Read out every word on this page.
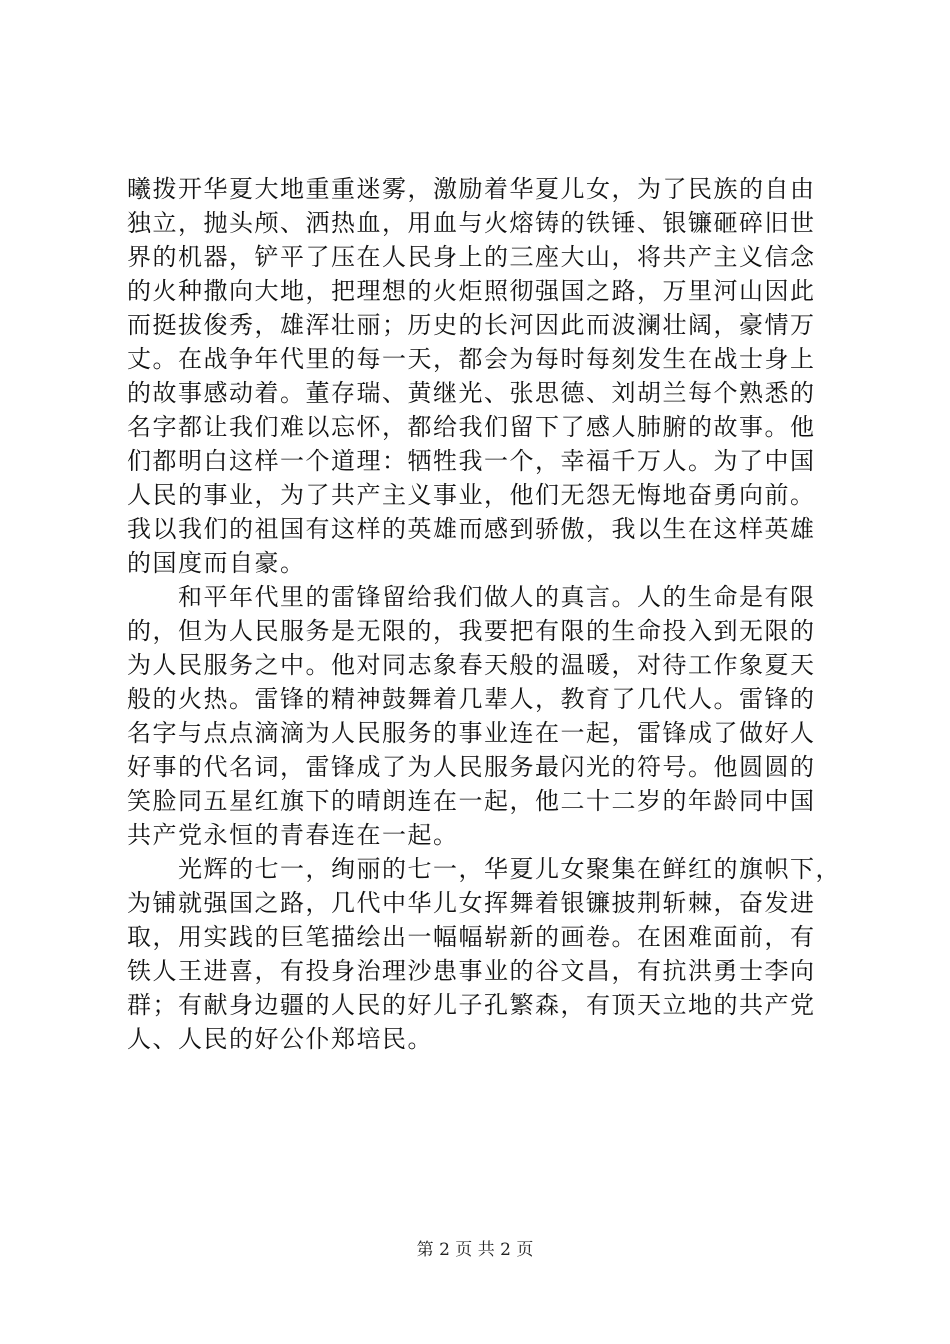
曦拨开华夏大地重重迷雾，激励着华夏儿女，为了民族的自由
独立，抛头颅、洒热血，用血与火熔铸的铁锤、银镰砸碎旧世
界的机器，铲平了压在人民身上的三座大山，将共产主义信念
的火种撒向大地，把理想的火炬照彻强国之路，万里河山因此
而挺拔俊秀，雄浑壮丽；历史的长河因此而波澜壮阔，豪情万
丈。在战争年代里的每一天，都会为每时每刻发生在战士身上
的故事感动着。董存瑞、黄继光、张思德、刘胡兰每个熟悉的
名字都让我们难以忘怀，都给我们留下了感人肺腑的故事。他
们都明白这样一个道理：牺牲我一个，幸福千万人。为了中国
人民的事业，为了共产主义事业，他们无怨无悔地奋勇向前。
我以我们的祖国有这样的英雄而感到骄傲，我以生在这样英雄
的国度而自豪。
　　和平年代里的雷锋留给我们做人的真言。人的生命是有限
的，但为人民服务是无限的，我要把有限的生命投入到无限的
为人民服务之中。他对同志象春天般的温暖，对待工作象夏天
般的火热。雷锋的精神鼓舞着几辈人，教育了几代人。雷锋的
名字与点点滴滴为人民服务的事业连在一起，雷锋成了做好人
好事的代名词，雷锋成了为人民服务最闪光的符号。他圆圆的
笑脸同五星红旗下的晴朗连在一起，他二十二岁的年龄同中国
共产党永恒的青春连在一起。
　　光辉的七一，绚丽的七一，华夏儿女聚集在鲜红的旗帜下，
为铺就强国之路，几代中华儿女挥舞着银镰披荆斩棘，奋发进
取，用实践的巨笔描绘出一幅幅崭新的画卷。在困难面前，有
铁人王进喜，有投身治理沙患事业的谷文昌，有抗洪勇士李向
群；有献身边疆的人民的好儿子孔繁森，有顶天立地的共产党
人、人民的好公仆郑培民。
第 2 页 共 2 页
